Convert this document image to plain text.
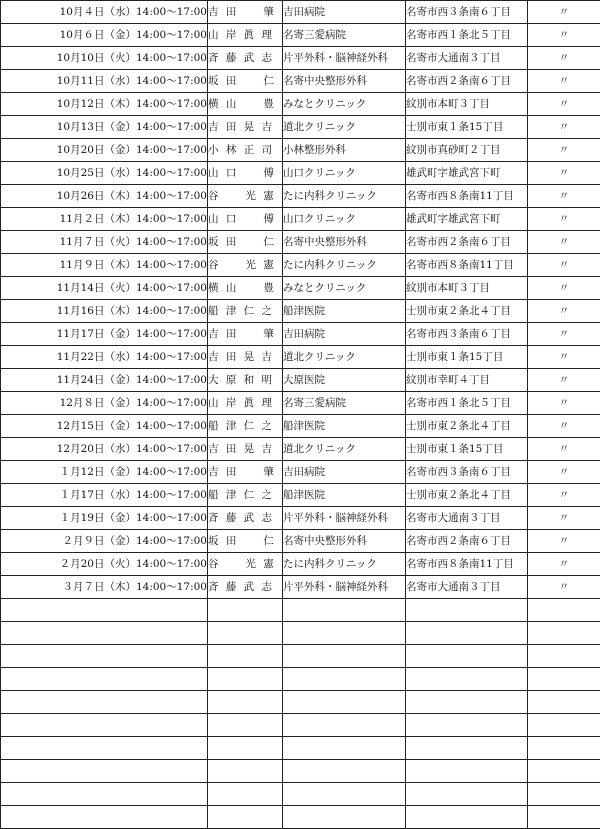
10月４日（水）14:00～17:00	吉 田　　肇	吉田病院	名寄市西３条南６丁目	〃
10月６日（金）14:00～17:00	山 岸 眞 理	名寄三愛病院	名寄市西１条北５丁目	〃
10月10日（火）14:00～17:00	斉 藤 武 志	片平外科・脳神経外科	名寄市大通南３丁目	〃
10月11日（水）14:00～17:00	坂 田　　仁	名寄中央整形外科	名寄市西２条南６丁目	〃
10月12日（木）14:00～17:00	横 山　　豊	みなとクリニック	紋別市本町３丁目	〃
10月13日（金）14:00～17:00	吉 田 晃 吉	道北クリニック	士別市東１条15丁目	〃
10月20日（金）14:00～17:00	小 林 正 司	小林整形外科	紋別市真砂町２丁目	〃
10月25日（水）14:00～17:00	山 口　　傅	山口クリニック	雄武町字雄武宮下町	〃
10月26日（木）14:00～17:00	谷　　光 憲	たに内科クリニック	名寄市西８条南11丁目	〃
11月２日（木）14:00～17:00	山 口　　傅	山口クリニック	雄武町字雄武宮下町	〃
11月７日（火）14:00～17:00	坂 田　　仁	名寄中央整形外科	名寄市西２条南６丁目	〃
11月９日（木）14:00～17:00	谷　　光 憲	たに内科クリニック	名寄市西８条南11丁目	〃
11月14日（火）14:00～17:00	横 山　　豊	みなとクリニック	紋別市本町３丁目	〃
11月16日（木）14:00～17:00	船 津 仁 之	船津医院	士別市東２条北４丁目	〃
11月17日（金）14:00～17:00	吉 田　　肇	吉田病院	名寄市西３条南６丁目	〃
11月22日（水）14:00～17:00	吉 田 晃 吉	道北クリニック	士別市東１条15丁目	〃
11月24日（金）14:00～17:00	大 原 和 明	大原医院	紋別市幸町４丁目	〃
12月８日（金）14:00～17:00	山 岸 眞 理	名寄三愛病院	名寄市西１条北５丁目	〃
12月15日（金）14:00～17:00	船 津 仁 之	船津医院	士別市東２条北４丁目	〃
12月20日（水）14:00～17:00	吉 田 晃 吉	道北クリニック	士別市東１条15丁目	〃
１月12日（金）14:00～17:00	吉 田　　肇	吉田病院	名寄市西３条南６丁目	〃
１月17日（水）14:00～17:00	船 津 仁 之	船津医院	士別市東２条北４丁目	〃
１月19日（金）14:00～17:00	斉 藤 武 志	片平外科・脳神経外科	名寄市大通南３丁目	〃
２月９日（金）14:00～17:00	坂 田　　仁	名寄中央整形外科	名寄市西２条南６丁目	〃
２月20日（火）14:00～17:00	谷　　光 憲	たに内科クリニック	名寄市西８条南11丁目	〃
３月７日（木）14:00～17:00	斉 藤 武 志	片平外科・脳神経外科	名寄市大通南３丁目	〃
